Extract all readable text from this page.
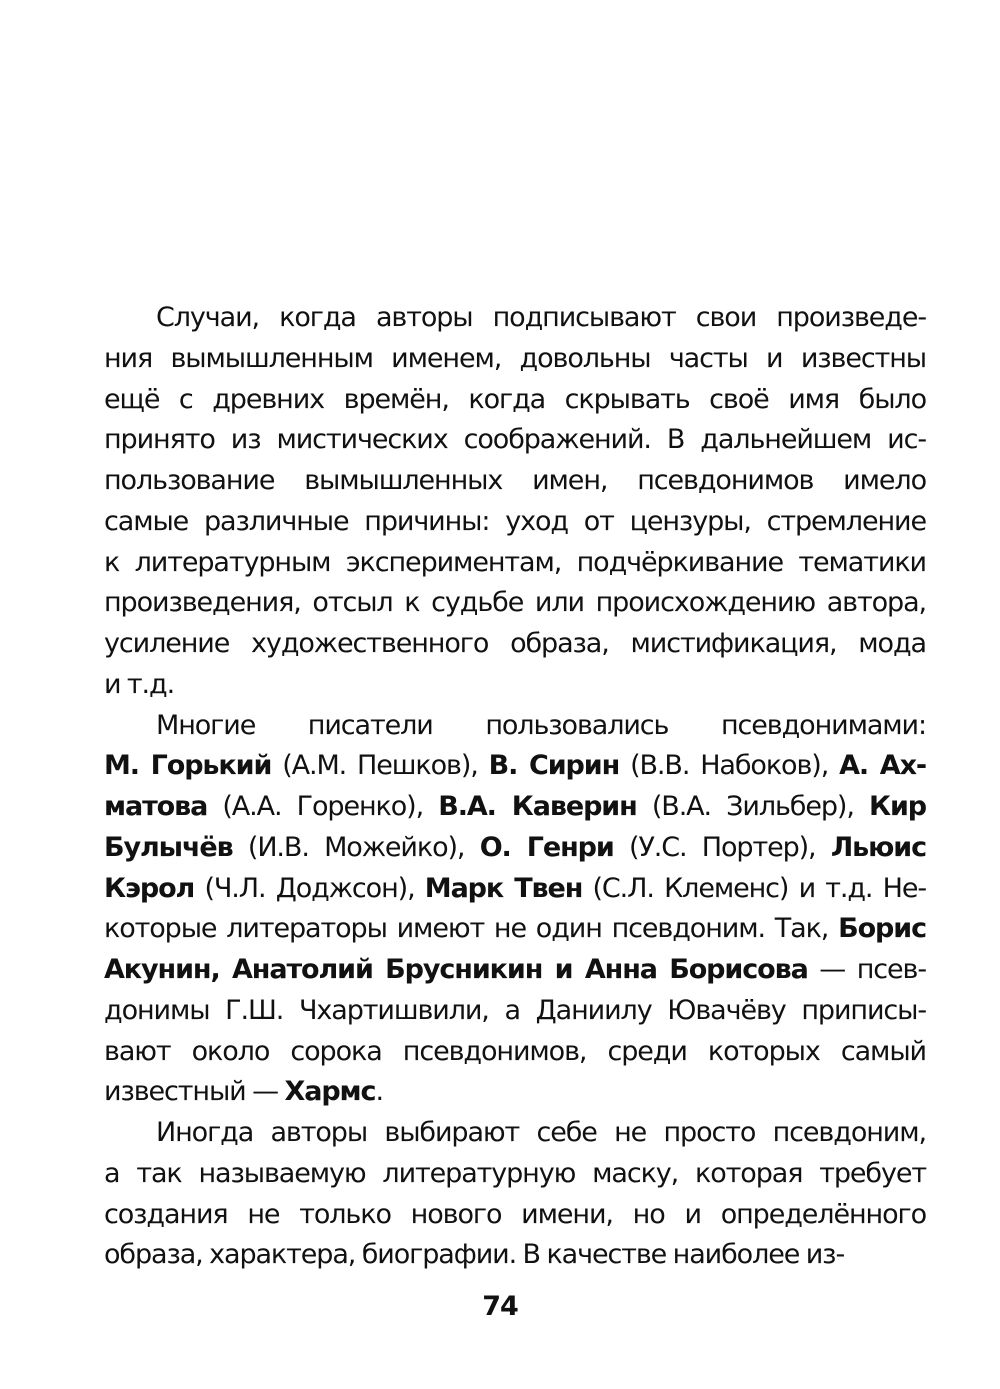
Случаи, когда авторы подписывают свои произведе-
ния вымышленным именем, довольны часты и известны
ещё с древних времён, когда скрывать своё имя было
принято из мистических соображений. В дальнейшем ис-
пользование вымышленных имен, псевдонимов имело
самые различные причины: уход от цензуры, стремление
к литературным экспериментам, подчёркивание тематики
произведения, отсыл к судьбе или происхождению автора,
усиление художественного образа, мистификация, мода
и т.д.
Многие писатели пользовались псевдонимами:
М. Горький (А.М. Пешков), В. Сирин (В.В. Набоков), А. Ах-
матова (А.А. Горенко), В.А. Каверин (В.А. Зильбер), Кир
Булычёв (И.В. Можейко), О. Генри (У.С. Портер), Льюис
Кэрол (Ч.Л. Доджсон), Марк Твен (С.Л. Клеменс) и т.д. Не-
которые литераторы имеют не один псевдоним. Так, Борис
Акунин, Анатолий Брусникин и Анна Борисова — псев-
донимы Г.Ш. Чхартишвили, а Даниилу Ювачёву приписы-
вают около сорока псевдонимов, среди которых самый
известный — Хармс.
Иногда авторы выбирают себе не просто псевдоним,
а так называемую литературную маску, которая требует
создания не только нового имени, но и определённого
образа, характера, биографии. В качестве наиболее из-
74
